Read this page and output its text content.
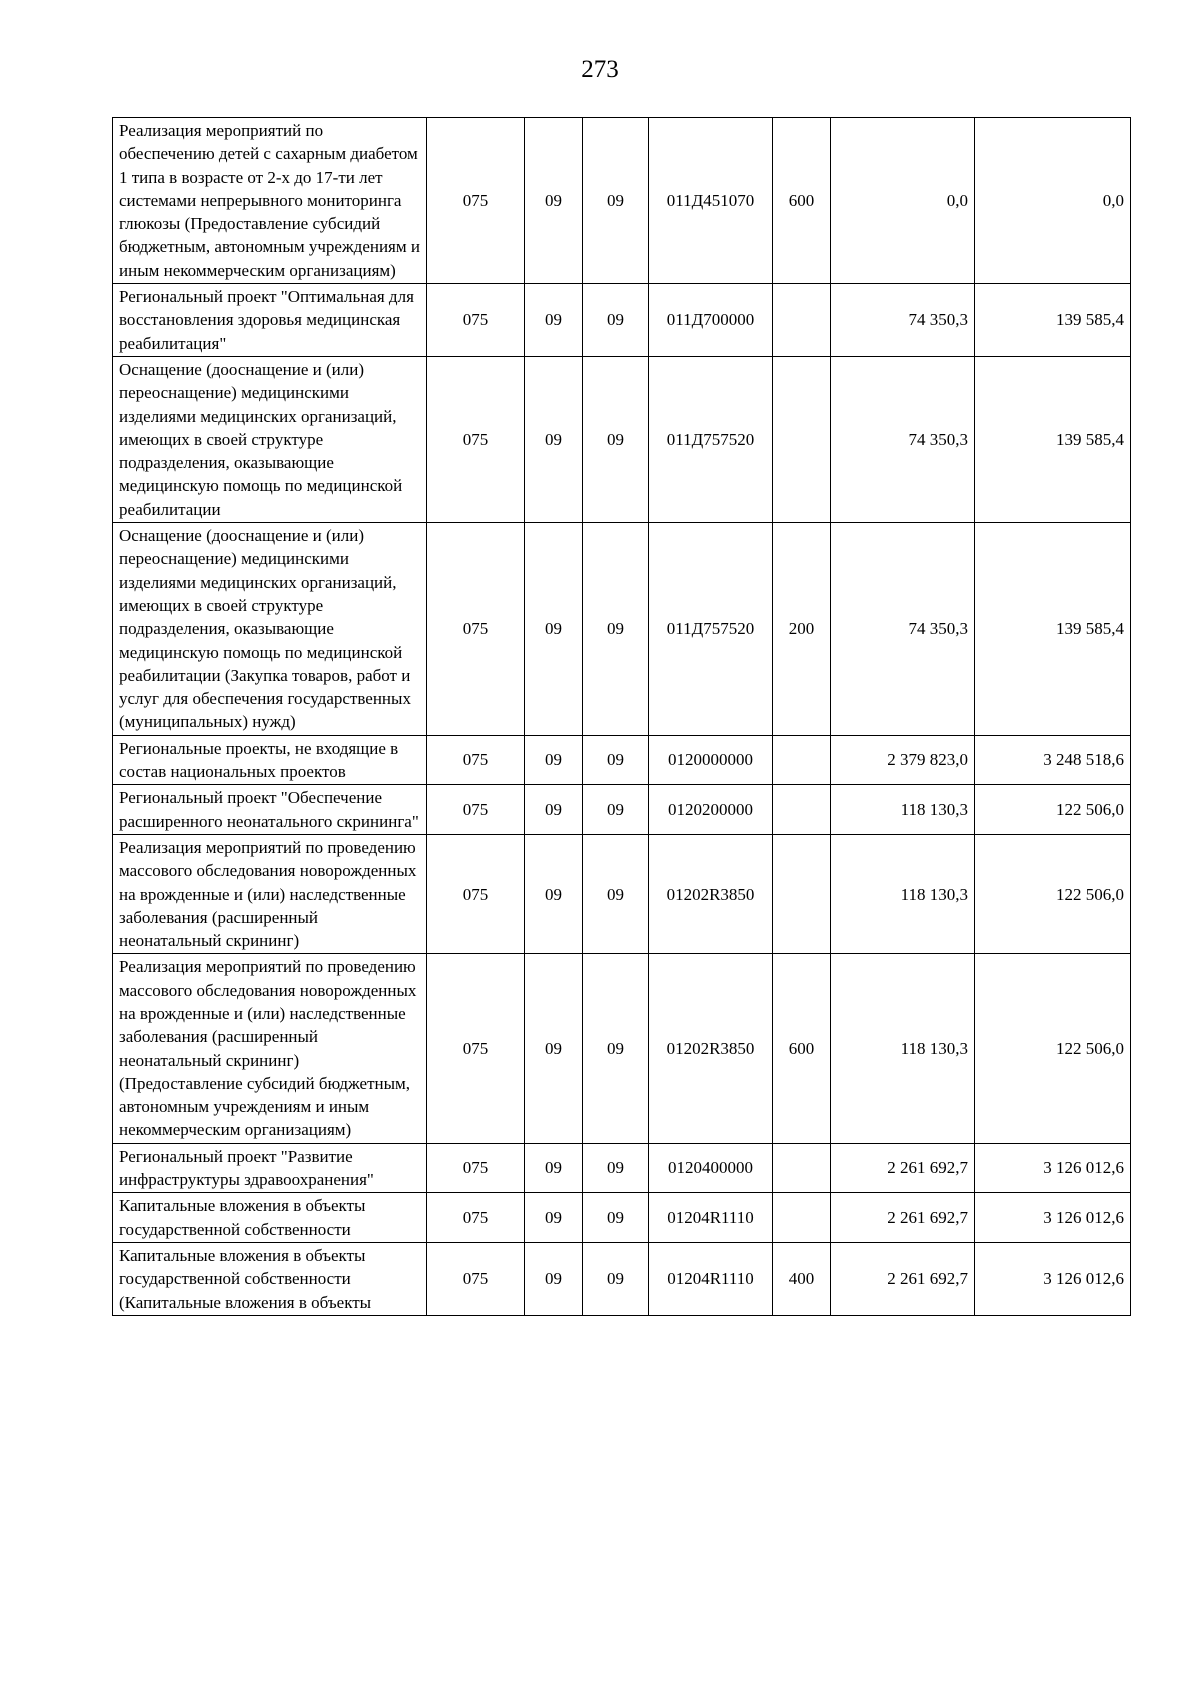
273
Реализация мероприятий по обеспечению детей с сахарным диабетом 1 типа в возрасте от 2-х до 17-ти лет системами непрерывного мониторинга глюкозы (Предоставление субсидий бюджетным, автономным учреждениям и иным некоммерческим организациям)	075	09	09	011Д451070	600	0,0	0,0
Региональный проект "Оптимальная для восстановления здоровья медицинская реабилитация"	075	09	09	011Д700000		74 350,3	139 585,4
Оснащение (дооснащение и (или) переоснащение) медицинскими изделиями медицинских организаций, имеющих в своей структуре подразделения, оказывающие медицинскую помощь по медицинской реабилитации	075	09	09	011Д757520		74 350,3	139 585,4
Оснащение (дооснащение и (или) переоснащение) медицинскими изделиями медицинских организаций, имеющих в своей структуре подразделения, оказывающие медицинскую помощь по медицинской реабилитации (Закупка товаров, работ и услуг для обеспечения государственных (муниципальных) нужд)	075	09	09	011Д757520	200	74 350,3	139 585,4
Региональные проекты, не входящие в состав национальных проектов	075	09	09	0120000000		2 379 823,0	3 248 518,6
Региональный проект "Обеспечение расширенного неонатального скрининга"	075	09	09	0120200000		118 130,3	122 506,0
Реализация мероприятий по проведению массового обследования новорожденных на врожденные и (или) наследственные заболевания (расширенный неонатальный скрининг)	075	09	09	01202R3850		118 130,3	122 506,0
Реализация мероприятий по проведению массового обследования новорожденных на врожденные и (или) наследственные заболевания (расширенный неонатальный скрининг) (Предоставление субсидий бюджетным, автономным учреждениям и иным некоммерческим организациям)	075	09	09	01202R3850	600	118 130,3	122 506,0
Региональный проект "Развитие инфраструктуры здравоохранения"	075	09	09	0120400000		2 261 692,7	3 126 012,6
Капитальные вложения в объекты государственной собственности	075	09	09	01204R1110		2 261 692,7	3 126 012,6
Капитальные вложения в объекты государственной собственности (Капитальные вложения в объекты	075	09	09	01204R1110	400	2 261 692,7	3 126 012,6
